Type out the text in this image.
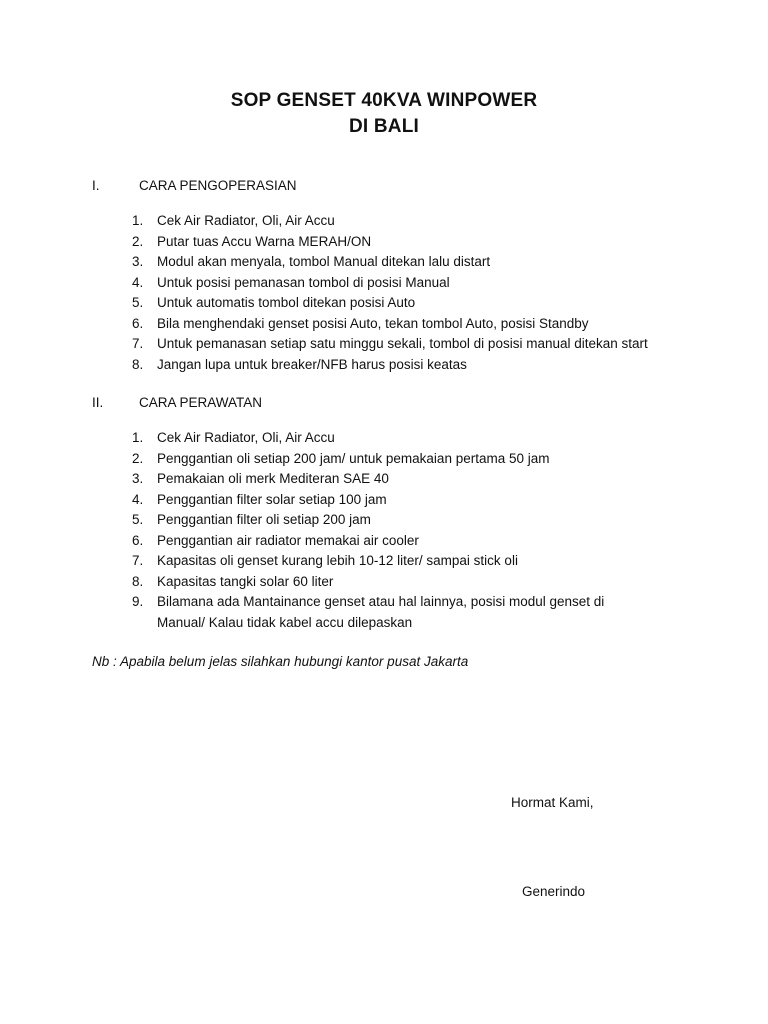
SOP GENSET 40KVA WINPOWER
DI BALI
I.	CARA PENGOPERASIAN
1. Cek Air Radiator, Oli, Air Accu
2. Putar tuas Accu Warna MERAH/ON
3. Modul akan menyala, tombol Manual ditekan lalu distart
4. Untuk posisi pemanasan tombol di posisi Manual
5. Untuk automatis tombol ditekan posisi Auto
6. Bila menghendaki genset posisi Auto, tekan tombol Auto, posisi Standby
7. Untuk pemanasan setiap satu minggu sekali, tombol di posisi manual ditekan start
8. Jangan lupa untuk breaker/NFB harus posisi keatas
II.	CARA PERAWATAN
1. Cek Air Radiator, Oli, Air Accu
2. Penggantian oli setiap 200 jam/ untuk pemakaian pertama 50 jam
3. Pemakaian oli merk Mediteran SAE 40
4. Penggantian filter solar setiap 100 jam
5. Penggantian filter oli setiap 200 jam
6. Penggantian air radiator memakai air cooler
7. Kapasitas oli genset kurang lebih 10-12 liter/ sampai stick oli
8. Kapasitas tangki solar 60 liter
9. Bilamana ada Mantainance genset atau hal lainnya, posisi modul genset di
Manual/ Kalau tidak kabel accu dilepaskan
Nb : Apabila belum jelas silahkan hubungi kantor pusat Jakarta
Hormat Kami,
Generindo
